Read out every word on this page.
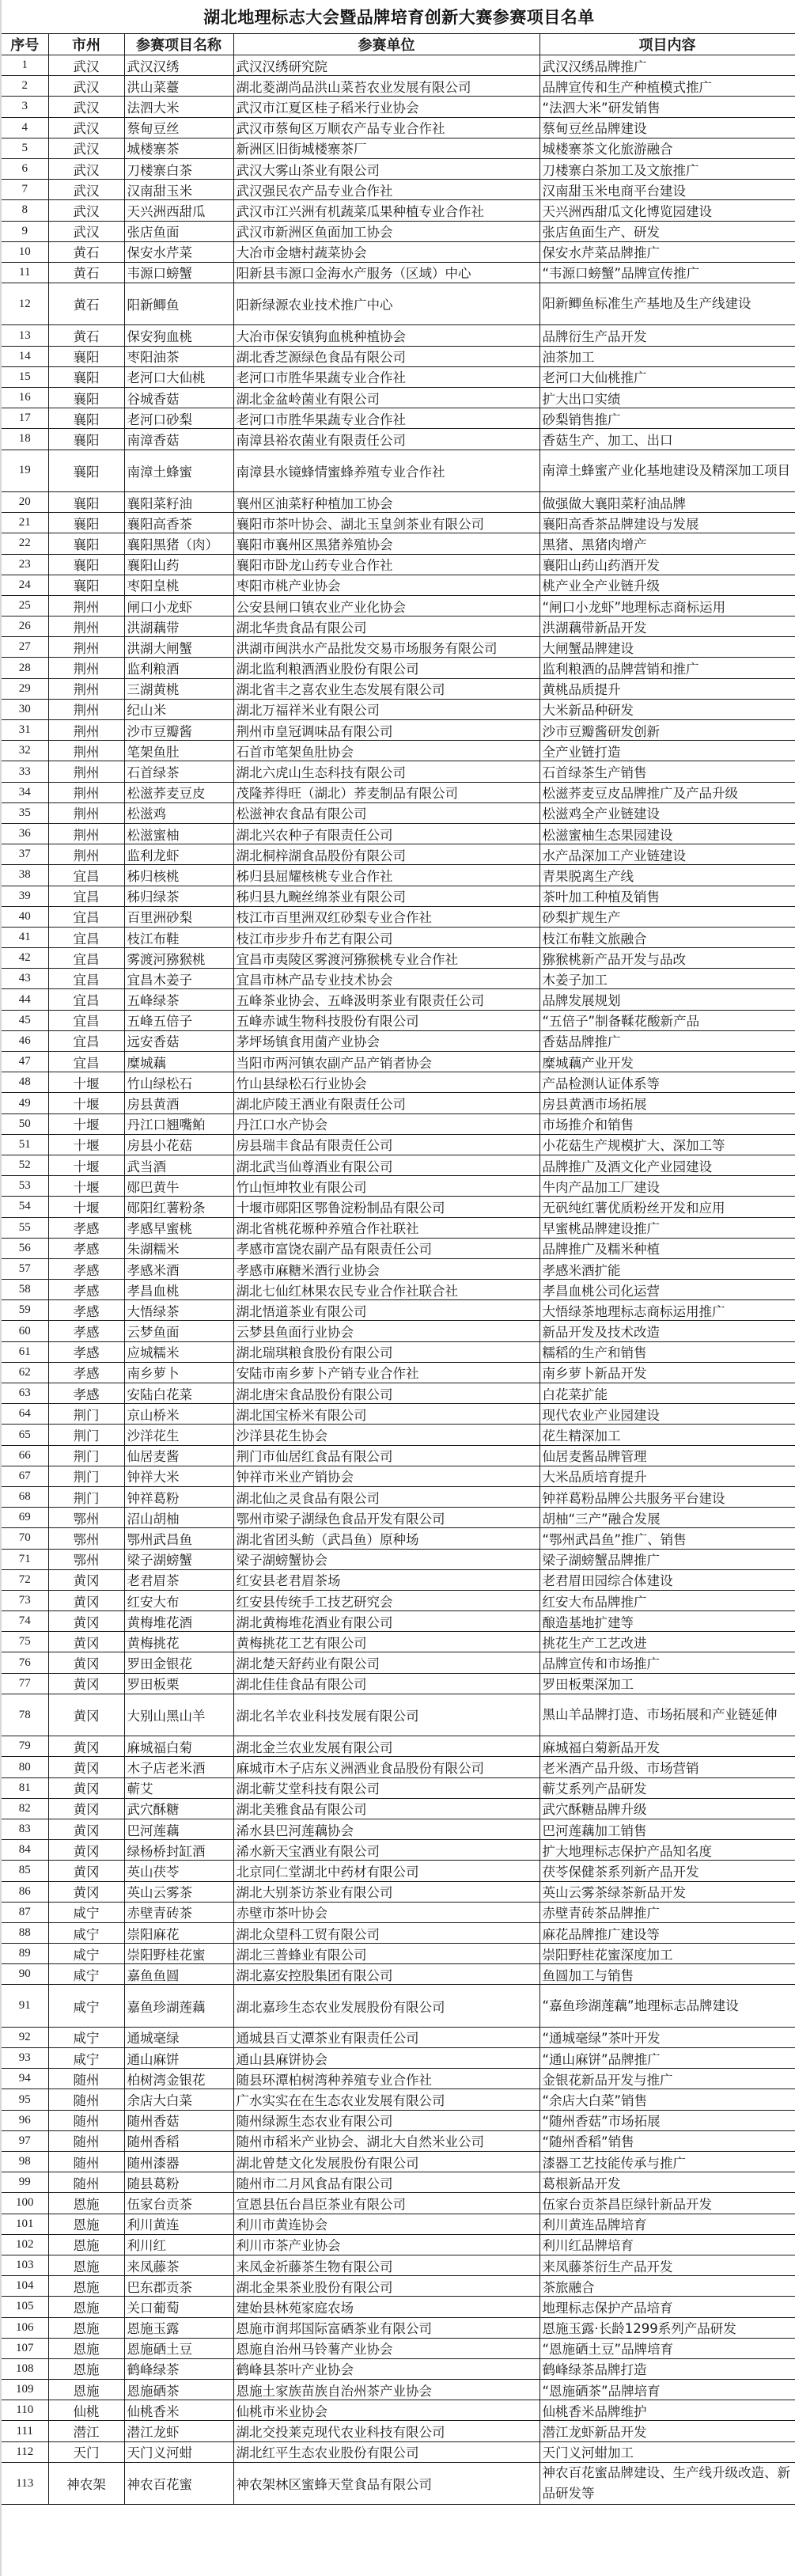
湖北地理标志大会暨品牌培育创新大赛参赛项目名单
序号	市州	参赛项目名称	参赛单位	项目内容
1	武汉	武汉汉绣	武汉汉绣研究院	武汉汉绣品牌推广
2	武汉	洪山菜薹	湖北菱湖尚品洪山菜苔农业发展有限公司	品牌宣传和生产种植模式推广
3	武汉	法泗大米	武汉市江夏区桂子稻米行业协会	“法泗大米”研发销售
4	武汉	蔡甸豆丝	武汉市蔡甸区万顺农产品专业合作社	蔡甸豆丝品牌建设
5	武汉	城楼寨茶	新洲区旧街城楼寨茶厂	城楼寨茶文化旅游融合
6	武汉	刀楼寨白茶	武汉大雾山茶业有限公司	刀楼寨白茶加工及文旅推广
7	武汉	汉南甜玉米	武汉强民农产品专业合作社	汉南甜玉米电商平台建设
8	武汉	天兴洲西甜瓜	武汉市江兴洲有机蔬菜瓜果种植专业合作社	天兴洲西甜瓜文化博览园建设
9	武汉	张店鱼面	武汉市新洲区鱼面加工协会	张店鱼面生产、研发
10	黄石	保安水芹菜	大冶市金塘村蔬菜协会	保安水芹菜品牌推广
11	黄石	韦源口螃蟹	阳新县韦源口金海水产服务（区域）中心	“韦源口螃蟹”品牌宣传推广
12	黄石	阳新鲫鱼	阳新绿源农业技术推广中心	阳新鲫鱼标准生产基地及生产线建设
13	黄石	保安狗血桃	大冶市保安镇狗血桃种植协会	品牌衍生产品开发
14	襄阳	枣阳油茶	湖北香芝源绿色食品有限公司	油茶加工
15	襄阳	老河口大仙桃	老河口市胜华果蔬专业合作社	老河口大仙桃推广
16	襄阳	谷城香菇	湖北金盆岭菌业有限公司	扩大出口实绩
17	襄阳	老河口砂梨	老河口市胜华果蔬专业合作社	砂梨销售推广
18	襄阳	南漳香菇	南漳县裕农菌业有限责任公司	香菇生产、加工、出口
19	襄阳	南漳土蜂蜜	南漳县水镜蜂情蜜蜂养殖专业合作社	南漳土蜂蜜产业化基地建设及精深加工项目
20	襄阳	襄阳菜籽油	襄州区油菜籽种植加工协会	做强做大襄阳菜籽油品牌
21	襄阳	襄阳高香茶	襄阳市茶叶协会、湖北玉皇剑茶业有限公司	襄阳高香茶品牌建设与发展
22	襄阳	襄阳黑猪（肉）	襄阳市襄州区黑猪养殖协会	黑猪、黑猪肉增产
23	襄阳	襄阳山药	襄阳市卧龙山药专业合作社	襄阳山药山药酒开发
24	襄阳	枣阳皇桃	枣阳市桃产业协会	桃产业全产业链升级
25	荆州	闸口小龙虾	公安县闸口镇农业产业化协会	“闸口小龙虾”地理标志商标运用
26	荆州	洪湖藕带	湖北华贵食品有限公司	洪湖藕带新品开发
27	荆州	洪湖大闸蟹	洪湖市闽洪水产品批发交易市场服务有限公司	大闸蟹品牌建设
28	荆州	监利粮酒	湖北监利粮酒酒业股份有限公司	监利粮酒的品牌营销和推广
29	荆州	三湖黄桃	湖北省丰之喜农业生态发展有限公司	黄桃品质提升
30	荆州	纪山米	湖北万福祥米业有限公司	大米新品种研发
31	荆州	沙市豆瓣酱	荆州市皇冠调味品有限公司	沙市豆瓣酱研发创新
32	荆州	笔架鱼肚	石首市笔架鱼肚协会	全产业链打造
33	荆州	石首绿茶	湖北六虎山生态科技有限公司	石首绿茶生产销售
34	荆州	松滋荞麦豆皮	茂隆荞得旺（湖北）荞麦制品有限公司	松滋荞麦豆皮品牌推广及产品升级
35	荆州	松滋鸡	松滋神农食品有限公司	松滋鸡全产业链建设
36	荆州	松滋蜜柚	湖北兴农种子有限责任公司	松滋蜜柚生态果园建设
37	荆州	监利龙虾	湖北桐梓湖食品股份有限公司	水产品深加工产业链建设
38	宜昌	秭归核桃	秭归县屈耀核桃专业合作社	青果脱离生产线
39	宜昌	秭归绿茶	秭归县九畹丝绵茶业有限公司	茶叶加工种植及销售
40	宜昌	百里洲砂梨	枝江市百里洲双红砂梨专业合作社	砂梨扩规生产
41	宜昌	枝江布鞋	枝江市步步升布艺有限公司	枝江布鞋文旅融合
42	宜昌	雾渡河猕猴桃	宜昌市夷陵区雾渡河猕猴桃专业合作社	猕猴桃新产品开发与品改
43	宜昌	宜昌木姜子	宜昌市林产品专业技术协会	木姜子加工
44	宜昌	五峰绿茶	五峰茶业协会、五峰汲明茶业有限责任公司	品牌发展规划
45	宜昌	五峰五倍子	五峰赤诚生物科技股份有限公司	“五倍子”制备鞣花酸新产品
46	宜昌	远安香菇	茅坪场镇食用菌产业协会	香菇品牌推广
47	宜昌	糜城藕	当阳市两河镇农副产品产销者协会	糜城藕产业开发
48	十堰	竹山绿松石	竹山县绿松石行业协会	产品检测认证体系等
49	十堰	房县黄酒	湖北庐陵王酒业有限责任公司	房县黄酒市场拓展
50	十堰	丹江口翘嘴鲌	丹江口水产协会	市场推介和销售
51	十堰	房县小花菇	房县瑞丰食品有限责任公司	小花菇生产规模扩大、深加工等
52	十堰	武当酒	湖北武当仙尊酒业有限公司	品牌推广及酒文化产业园建设
53	十堰	郧巴黄牛	竹山恒坤牧业有限公司	牛肉产品加工厂建设
54	十堰	郧阳红薯粉条	十堰市郧阳区鄂鲁淀粉制品有限公司	无矾纯红薯优质粉丝开发和应用
55	孝感	孝感早蜜桃	湖北省桃花塬种养殖合作社联社	早蜜桃品牌建设推广
56	孝感	朱湖糯米	孝感市富饶农副产品有限责任公司	品牌推广及糯米种植
57	孝感	孝感米酒	孝感市麻糖米酒行业协会	孝感米酒扩能
58	孝感	孝昌血桃	湖北七仙红林果农民专业合作社联合社	孝昌血桃公司化运营
59	孝感	大悟绿茶	湖北悟道茶业有限公司	大悟绿茶地理标志商标运用推广
60	孝感	云梦鱼面	云梦县鱼面行业协会	新品开发及技术改造
61	孝感	应城糯米	湖北瑞琪粮食股份有限公司	糯稻的生产和销售
62	孝感	南乡萝卜	安陆市南乡萝卜产销专业合作社	南乡萝卜新品开发
63	孝感	安陆白花菜	湖北唐宋食品股份有限公司	白花菜扩能
64	荆门	京山桥米	湖北国宝桥米有限公司	现代农业产业园建设
65	荆门	沙洋花生	沙洋县花生协会	花生精深加工
66	荆门	仙居麦酱	荆门市仙居红食品有限公司	仙居麦酱品牌管理
67	荆门	钟祥大米	钟祥市米业产销协会	大米品质培育提升
68	荆门	钟祥葛粉	湖北仙之灵食品有限公司	钟祥葛粉品牌公共服务平台建设
69	鄂州	沼山胡柚	鄂州市梁子湖绿色食品开发有限公司	胡柚“三产”融合发展
70	鄂州	鄂州武昌鱼	湖北省团头鲂（武昌鱼）原种场	“鄂州武昌鱼”推广、销售
71	鄂州	梁子湖螃蟹	梁子湖螃蟹协会	梁子湖螃蟹品牌推广
72	黄冈	老君眉茶	红安县老君眉茶场	老君眉田园综合体建设
73	黄冈	红安大布	红安县传统手工技艺研究会	红安大布品牌推广
74	黄冈	黄梅堆花酒	湖北黄梅堆花酒业有限公司	酿造基地扩建等
75	黄冈	黄梅挑花	黄梅挑花工艺有限公司	挑花生产工艺改进
76	黄冈	罗田金银花	湖北楚天舒药业有限公司	品牌宣传和市场推广
77	黄冈	罗田板栗	湖北佳佳食品有限公司	罗田板栗深加工
78	黄冈	大别山黑山羊	湖北名羊农业科技发展有限公司	黑山羊品牌打造、市场拓展和产业链延伸
79	黄冈	麻城福白菊	湖北金兰农业发展有限公司	麻城福白菊新品开发
80	黄冈	木子店老米酒	麻城市木子店东义洲酒业食品股份有限公司	老米酒产品升级、市场营销
81	黄冈	蕲艾	湖北蕲艾堂科技有限公司	蕲艾系列产品研发
82	黄冈	武穴酥糖	湖北美雅食品有限公司	武穴酥糖品牌升级
83	黄冈	巴河莲藕	浠水县巴河莲藕协会	巴河莲藕加工销售
84	黄冈	绿杨桥封缸酒	浠水新天宝酒业有限公司	扩大地理标志保护产品知名度
85	黄冈	英山茯苓	北京同仁堂湖北中药材有限公司	茯苓保健茶系列新产品开发
86	黄冈	英山云雾茶	湖北大别茶访茶业有限公司	英山云雾茶绿茶新品开发
87	咸宁	赤壁青砖茶	赤壁市茶叶协会	赤壁青砖茶品牌推广
88	咸宁	崇阳麻花	湖北众望科工贸有限公司	麻花品牌推广建设等
89	咸宁	崇阳野桂花蜜	湖北三普蜂业有限公司	崇阳野桂花蜜深度加工
90	咸宁	嘉鱼鱼圆	湖北嘉安控股集团有限公司	鱼圆加工与销售
91	咸宁	嘉鱼珍湖莲藕	湖北嘉珍生态农业发展股份有限公司	“嘉鱼珍湖莲藕”地理标志品牌建设
92	咸宁	通城毫绿	通城县百丈潭茶业有限责任公司	“通城毫绿”茶叶开发
93	咸宁	通山麻饼	通山县麻饼协会	“通山麻饼”品牌推广
94	随州	柏树湾金银花	随县环潭柏树湾种养殖专业合作社	金银花新品开发与推广
95	随州	余店大白菜	广水实实在在生态农业发展有限公司	“余店大白菜”销售
96	随州	随州香菇	随州绿源生态农业有限公司	“随州香菇”市场拓展
97	随州	随州香稻	随州市稻米产业协会、湖北大自然米业公司	“随州香稻”销售
98	随州	随州漆器	湖北曾楚文化发展股份有限公司	漆器工艺技能传承与推广
99	随州	随县葛粉	随州市二月风食品有限公司	葛根新品开发
100	恩施	伍家台贡茶	宣恩县伍台昌臣茶业有限公司	伍家台贡茶昌臣绿针新品开发
101	恩施	利川黄连	利川市黄连协会	利川黄连品牌培育
102	恩施	利川红	利川市茶产业协会	利川红品牌培育
103	恩施	来凤藤茶	来凤金祈藤茶生物有限公司	来凤藤茶衍生产品开发
104	恩施	巴东郡贡茶	湖北金果茶业股份有限公司	茶旅融合
105	恩施	关口葡萄	建始县林苑家庭农场	地理标志保护产品培育
106	恩施	恩施玉露	恩施市润邦国际富硒茶业有限公司	恩施玉露·长龄1299系列产品研发
107	恩施	恩施硒土豆	恩施自治州马铃薯产业协会	“恩施硒土豆”品牌培育
108	恩施	鹤峰绿茶	鹤峰县茶叶产业协会	鹤峰绿茶品牌打造
109	恩施	恩施硒茶	恩施土家族苗族自治州茶产业协会	“恩施硒茶”品牌培育
110	仙桃	仙桃香米	仙桃市米业协会	仙桃香米品牌维护
111	潜江	潜江龙虾	湖北交投莱克现代农业科技有限公司	潜江龙虾新品开发
112	天门	天门义河蚶	湖北红平生态农业股份有限公司	天门义河蚶加工
113	神农架	神农百花蜜	神农架林区蜜蜂天堂食品有限公司	神农百花蜜品牌建设、生产线升级改造、新品研发等
